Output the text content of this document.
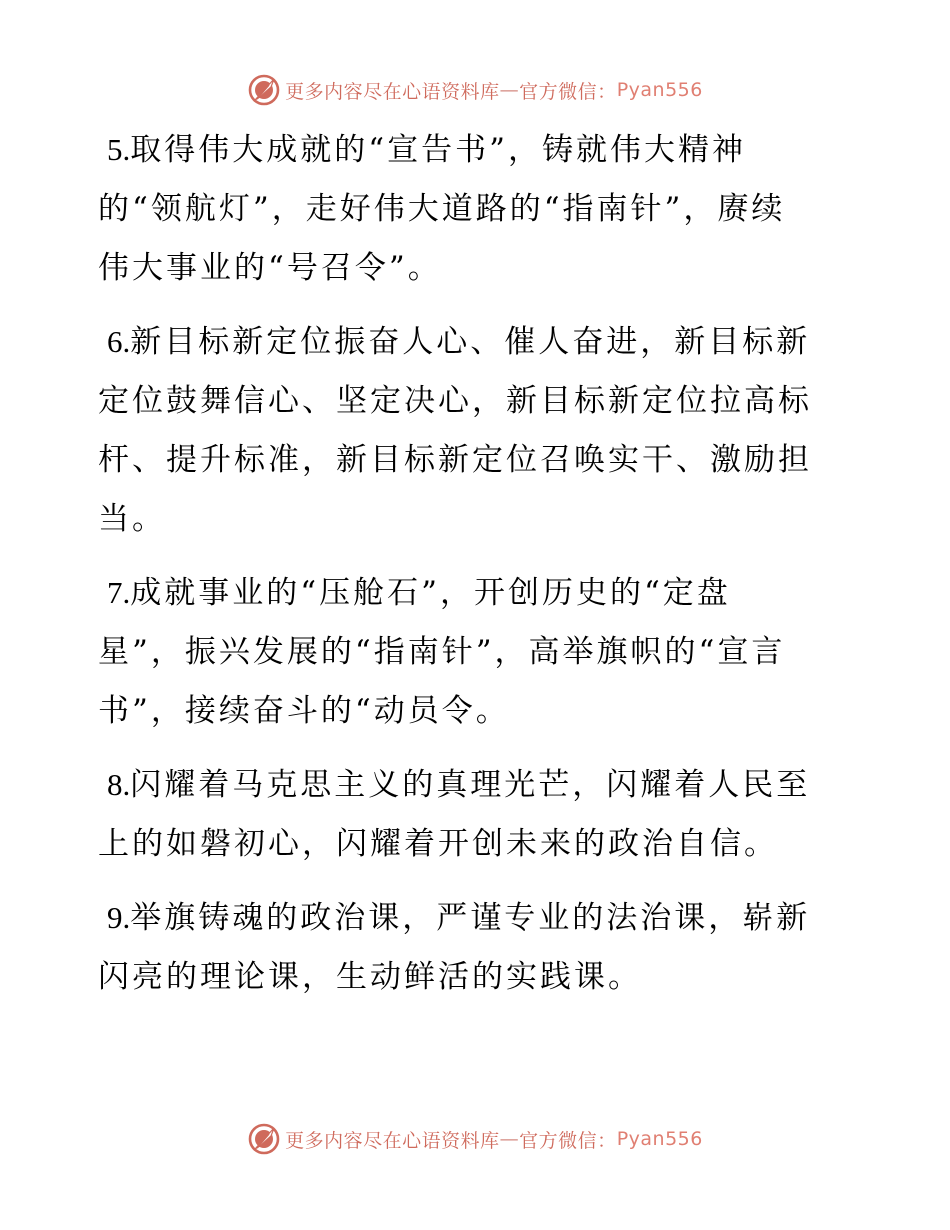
更多内容尽在心语资料库 — 官方微信： Pyan556

5.取得伟大成就的“宣告书”，铸就伟大精神
的“领航灯”，走好伟大道路的“指南针”，赓续
伟大事业的“号召令”。

6.新目标新定位振奋人心、催人奋进，新目标新
定位鼓舞信心、坚定决心，新目标新定位拉高标
杆、提升标准，新目标新定位召唤实干、激励担
当。

7.成就事业的“压舱石”，开创历史的“定盘
星”，振兴发展的“指南针”，高举旗帜的“宣言
书”，接续奋斗的“动员令。

8.闪耀着马克思主义的真理光芒，闪耀着人民至
上的如磐初心，闪耀着开创未来的政治自信。

9.举旗铸魂的政治课，严谨专业的法治课，崭新
闪亮的理论课，生动鲜活的实践课。

更多内容尽在心语资料库 — 官方微信： Pyan556
